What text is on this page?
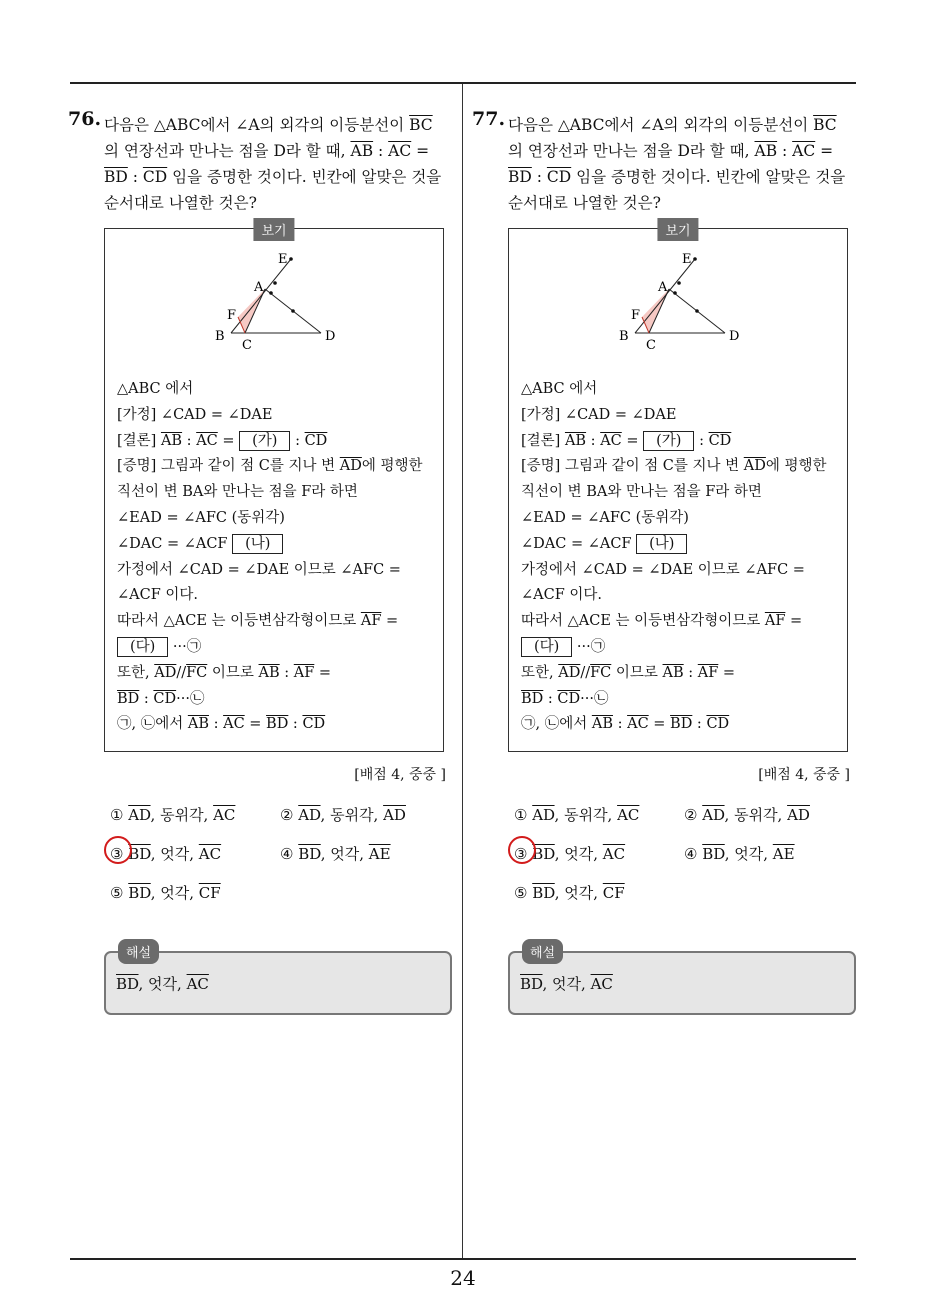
24
76. 다음은 △ABC에서 ∠A의 외각의 이등분선이 $\overline{BC}$
의 연장선과 만나는 점을 D라 할 때, $\overline{AB}$ : $\overline{AC}$ =
$\overline{BD}$ : $\overline{CD}$ 임을 증명한 것이다. 빈칸에 알맞은 것을
순서대로 나열한 것은?
보기
E
A
F
B
C
D
△ABC 에서
[가정] ∠CAD = ∠DAE
[결론] $\overline{AB}$ : $\overline{AC}$ = (가) : $\overline{CD}$
[증명] 그림과 같이 점 C를 지나 변 $\overline{AD}$에 평행한
직선이 변 BA와 만나는 점을 F라 하면
∠EAD = ∠AFC (동위각)
∠DAC = ∠ACF (나)
가정에서 ∠CAD = ∠DAE 이므로 ∠AFC =
∠ACF 이다.
따라서 △ACE 는 이등변삼각형이므로 $\overline{AF}$ =
(다) ···㉠
또한, $\overline{AD}//\overline{FC}$ 이므로 $\overline{AB}$ : $\overline{AF}$ =
$\overline{BD}$ : $\overline{CD}\cdot\cdot\cdot㉡$
㉠, ㉡에서 $\overline{AB}$ : $\overline{AC} = \overline{BD}$ : $\overline{CD}$
[배점 4, 중중 ]
① $\overline{AD}$, 동위각, $\overline{AC}$	② $\overline{AD}$, 동위각, $\overline{AD}$
③ $\overline{BD}$, 엇각, $\overline{AC}$	④ $\overline{BD}$, 엇각, $\overline{AE}$
⑤ $\overline{BD}$, 엇각, $\overline{CF}$
해설
$\overline{BD}$, 엇각, $\overline{AC}$
77. 다음은 △ABC에서 ∠A의 외각의 이등분선이 $\overline{BC}$
의 연장선과 만나는 점을 D라 할 때, $\overline{AB}$ : $\overline{AC}$ =
$\overline{BD}$ : $\overline{CD}$ 임을 증명한 것이다. 빈칸에 알맞은 것을
순서대로 나열한 것은?
보기
E
A
F
B
C
D
△ABC 에서
[가정] ∠CAD = ∠DAE
[결론] $\overline{AB}$ : $\overline{AC}$ = (가) : $\overline{CD}$
[증명] 그림과 같이 점 C를 지나 변 $\overline{AD}$에 평행한
직선이 변 BA와 만나는 점을 F라 하면
∠EAD = ∠AFC (동위각)
∠DAC = ∠ACF (나)
가정에서 ∠CAD = ∠DAE 이므로 ∠AFC =
∠ACF 이다.
따라서 △ACE 는 이등변삼각형이므로 $\overline{AF}$ =
(다) ···㉠
또한, $\overline{AD}//\overline{FC}$ 이므로 $\overline{AB}$ : $\overline{AF}$ =
$\overline{BD}$ : $\overline{CD}\cdot\cdot\cdot㉡$
㉠, ㉡에서 $\overline{AB}$ : $\overline{AC} = \overline{BD}$ : $\overline{CD}$
[배점 4, 중중 ]
① $\overline{AD}$, 동위각, $\overline{AC}$	② $\overline{AD}$, 동위각, $\overline{AD}$
③ $\overline{BD}$, 엇각, $\overline{AC}$	④ $\overline{BD}$, 엇각, $\overline{AE}$
⑤ $\overline{BD}$, 엇각, $\overline{CF}$
해설
$\overline{BD}$, 엇각, $\overline{AC}$
